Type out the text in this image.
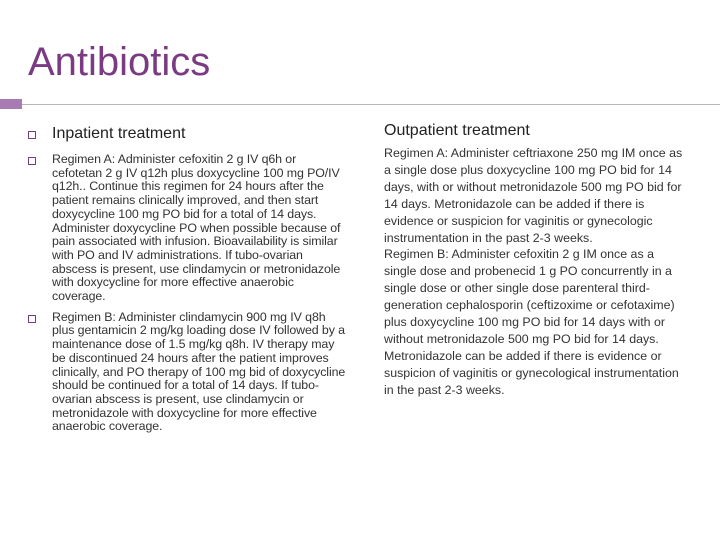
Antibiotics
Inpatient treatment
Regimen A: Administer cefoxitin 2 g IV q6h or cefotetan 2 g IV q12h plus doxycycline 100 mg PO/IV q12h.. Continue this regimen for 24 hours after the patient remains clinically improved, and then start doxycycline 100 mg PO bid for a total of 14 days. Administer doxycycline PO when possible because of pain associated with infusion. Bioavailability is similar with PO and IV administrations. If tubo-ovarian abscess is present, use clindamycin or metronidazole with doxycycline for more effective anaerobic coverage.
Regimen B: Administer clindamycin 900 mg IV q8h plus gentamicin 2 mg/kg loading dose IV followed by a maintenance dose of 1.5 mg/kg q8h. IV therapy may be discontinued 24 hours after the patient improves clinically, and PO therapy of 100 mg bid of doxycycline should be continued for a total of 14 days. If tubo-ovarian abscess is present, use clindamycin or metronidazole with doxycycline for more effective anaerobic coverage.
Outpatient treatment
Regimen A: Administer ceftriaxone 250 mg IM once as a single dose plus doxycycline 100 mg PO bid for 14 days, with or without metronidazole 500 mg PO bid for 14 days. Metronidazole can be added if there is evidence or suspicion for vaginitis or gynecologic instrumentation in the past 2-3 weeks.
Regimen B: Administer cefoxitin 2 g IM once as a single dose and probenecid 1 g PO concurrently in a single dose or other single dose parenteral third-generation cephalosporin (ceftizoxime or cefotaxime) plus doxycycline 100 mg PO bid for 14 days with or without metronidazole 500 mg PO bid for 14 days. Metronidazole can be added if there is evidence or suspicion of vaginitis or gynecological instrumentation in the past 2-3 weeks.
